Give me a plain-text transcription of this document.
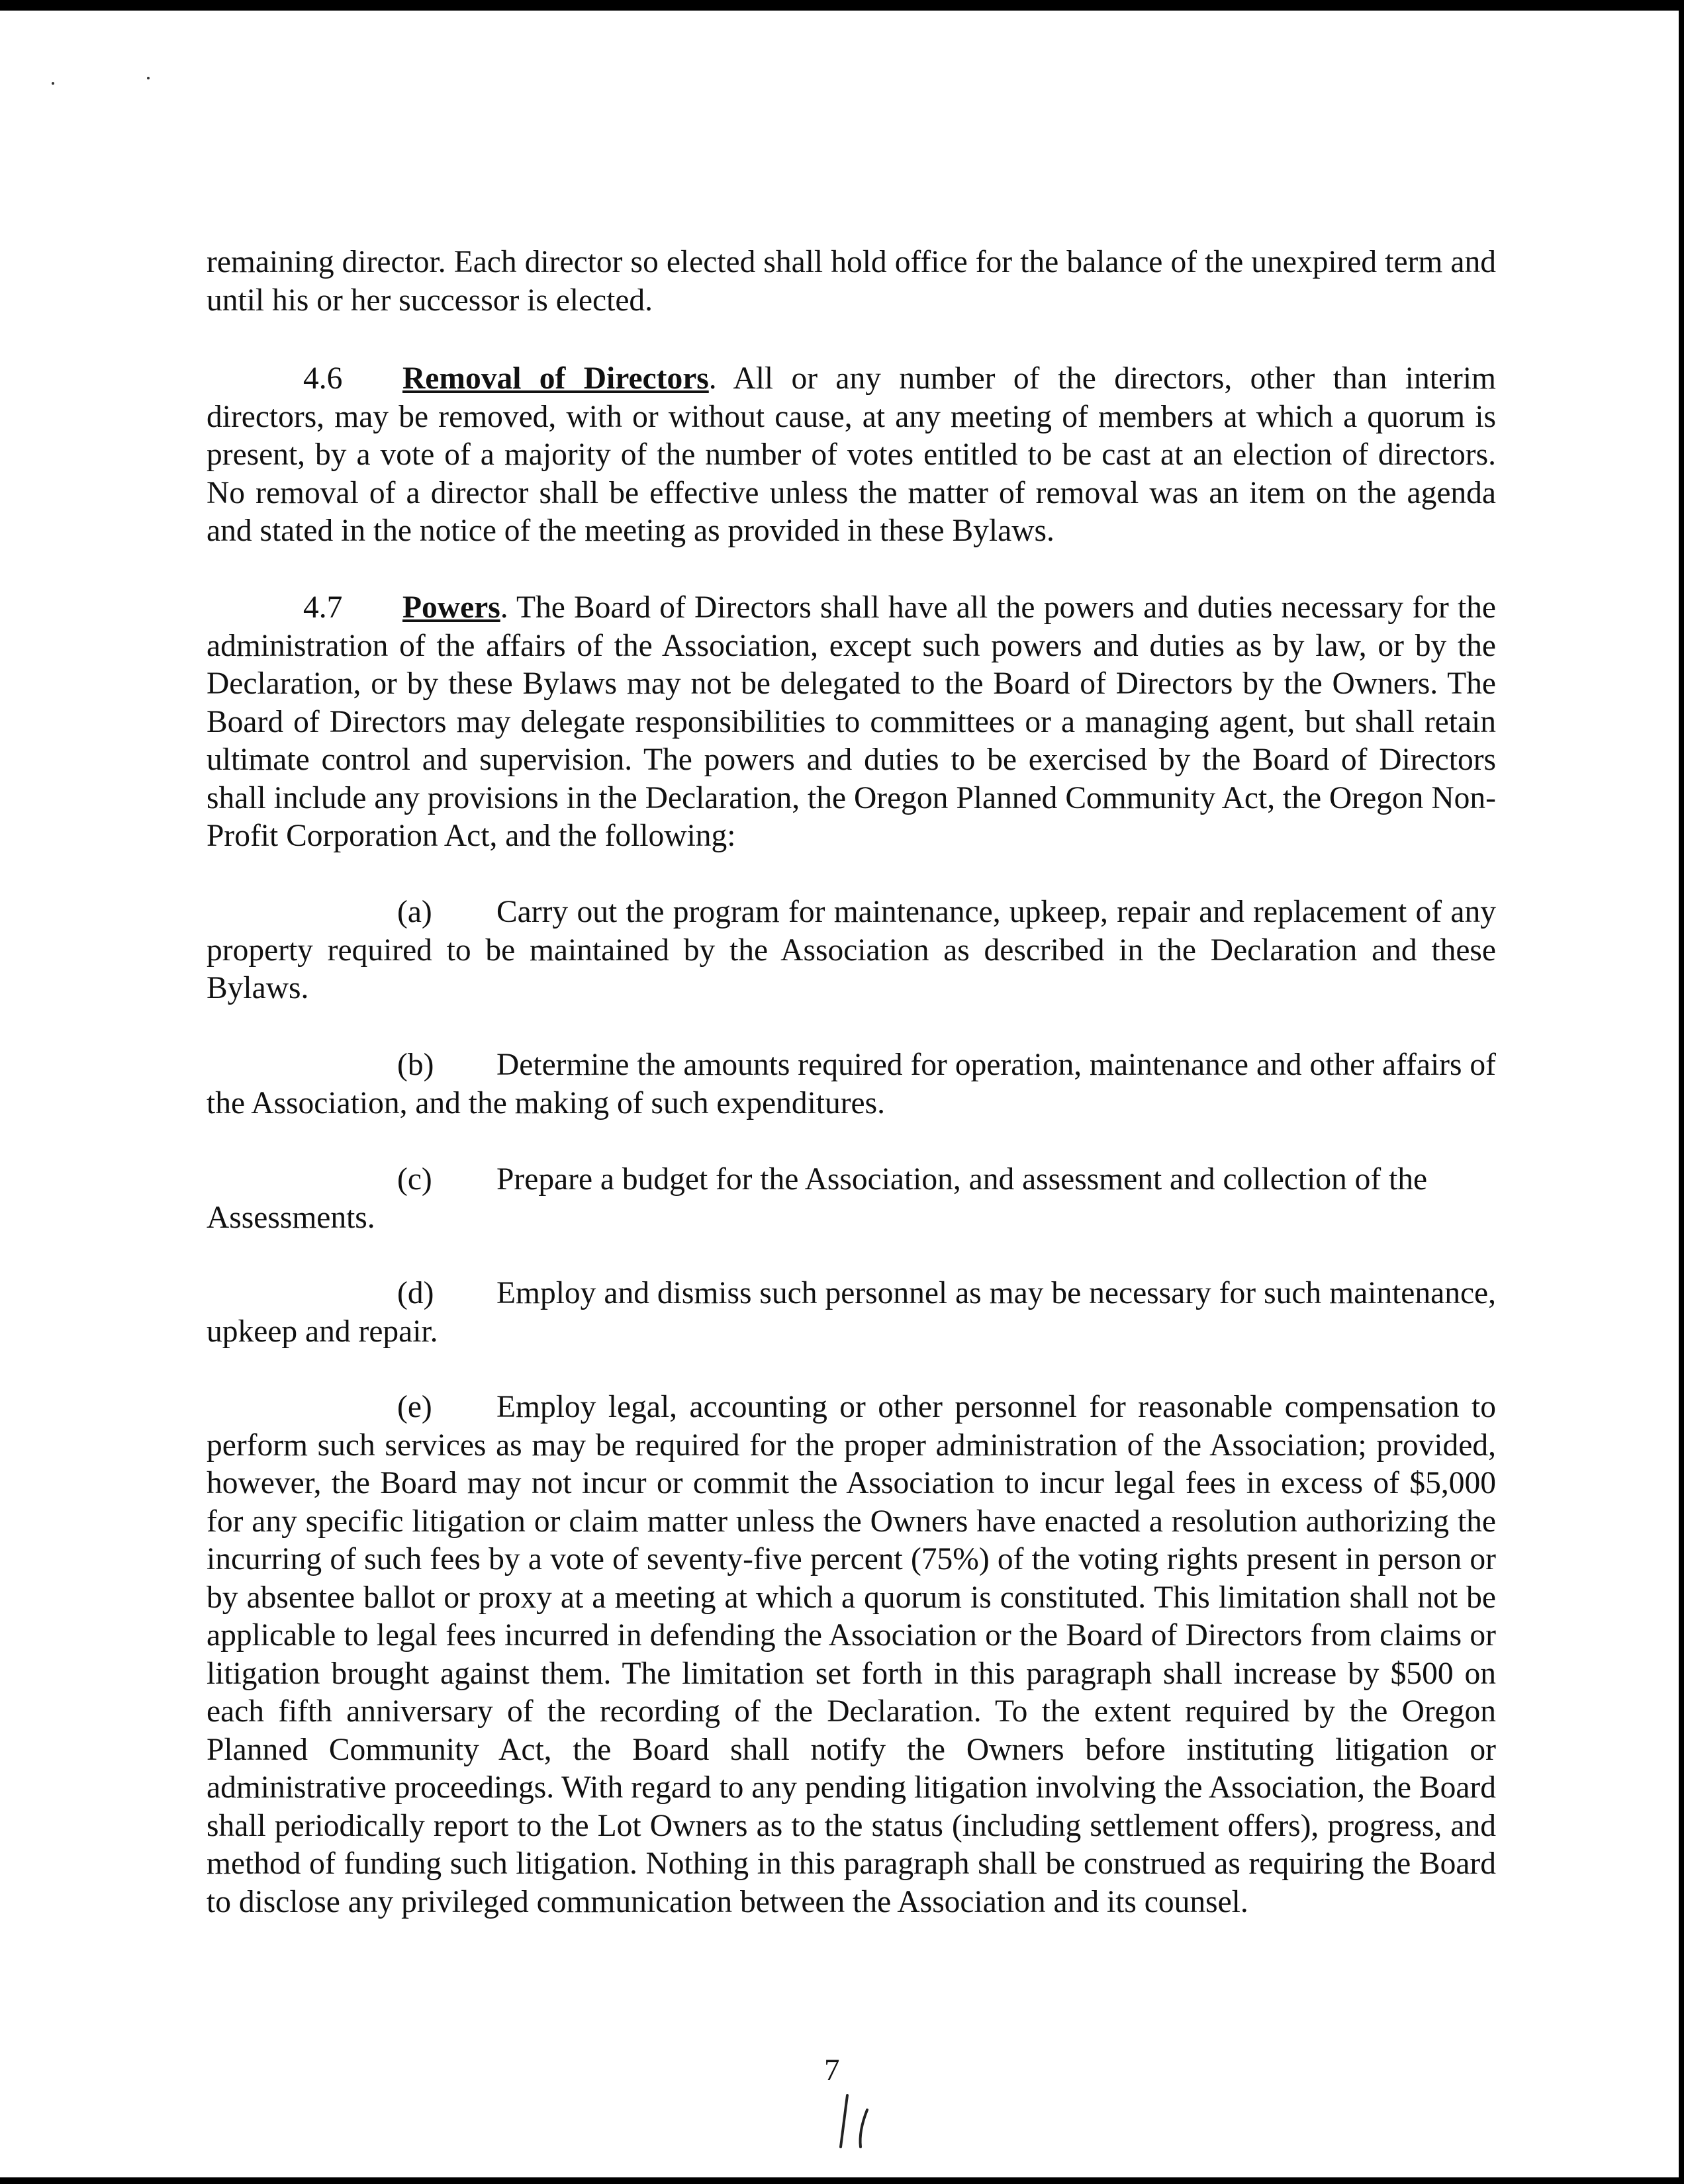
remaining director. Each director so elected shall hold office for the balance of the unexpired term and until his or her successor is elected.

4.6 Removal of Directors. All or any number of the directors, other than interim directors, may be removed, with or without cause, at any meeting of members at which a quorum is present, by a vote of a majority of the number of votes entitled to be cast at an election of directors. No removal of a director shall be effective unless the matter of removal was an item on the agenda and stated in the notice of the meeting as provided in these Bylaws.

4.7 Powers. The Board of Directors shall have all the powers and duties necessary for the administration of the affairs of the Association, except such powers and duties as by law, or by the Declaration, or by these Bylaws may not be delegated to the Board of Directors by the Owners. The Board of Directors may delegate responsibilities to committees or a managing agent, but shall retain ultimate control and supervision. The powers and duties to be exercised by the Board of Directors shall include any provisions in the Declaration, the Oregon Planned Community Act, the Oregon Non-Profit Corporation Act, and the following:

(a) Carry out the program for maintenance, upkeep, repair and replacement of any property required to be maintained by the Association as described in the Declaration and these Bylaws.

(b) Determine the amounts required for operation, maintenance and other affairs of the Association, and the making of such expenditures.

(c) Prepare a budget for the Association, and assessment and collection of the
Assessments.

(d) Employ and dismiss such personnel as may be necessary for such maintenance, upkeep and repair.

(e) Employ legal, accounting or other personnel for reasonable compensation to perform such services as may be required for the proper administration of the Association; provided, however, the Board may not incur or commit the Association to incur legal fees in excess of $5,000 for any specific litigation or claim matter unless the Owners have enacted a resolution authorizing the incurring of such fees by a vote of seventy-five percent (75%) of the voting rights present in person or by absentee ballot or proxy at a meeting at which a quorum is constituted. This limitation shall not be applicable to legal fees incurred in defending the Association or the Board of Directors from claims or litigation brought against them. The limitation set forth in this paragraph shall increase by $500 on each fifth anniversary of the recording of the Declaration. To the extent required by the Oregon Planned Community Act, the Board shall notify the Owners before instituting litigation or administrative proceedings. With regard to any pending litigation involving the Association, the Board shall periodically report to the Lot Owners as to the status (including settlement offers), progress, and method of funding such litigation. Nothing in this paragraph shall be construed as requiring the Board to disclose any privileged communication between the Association and its counsel.

7
